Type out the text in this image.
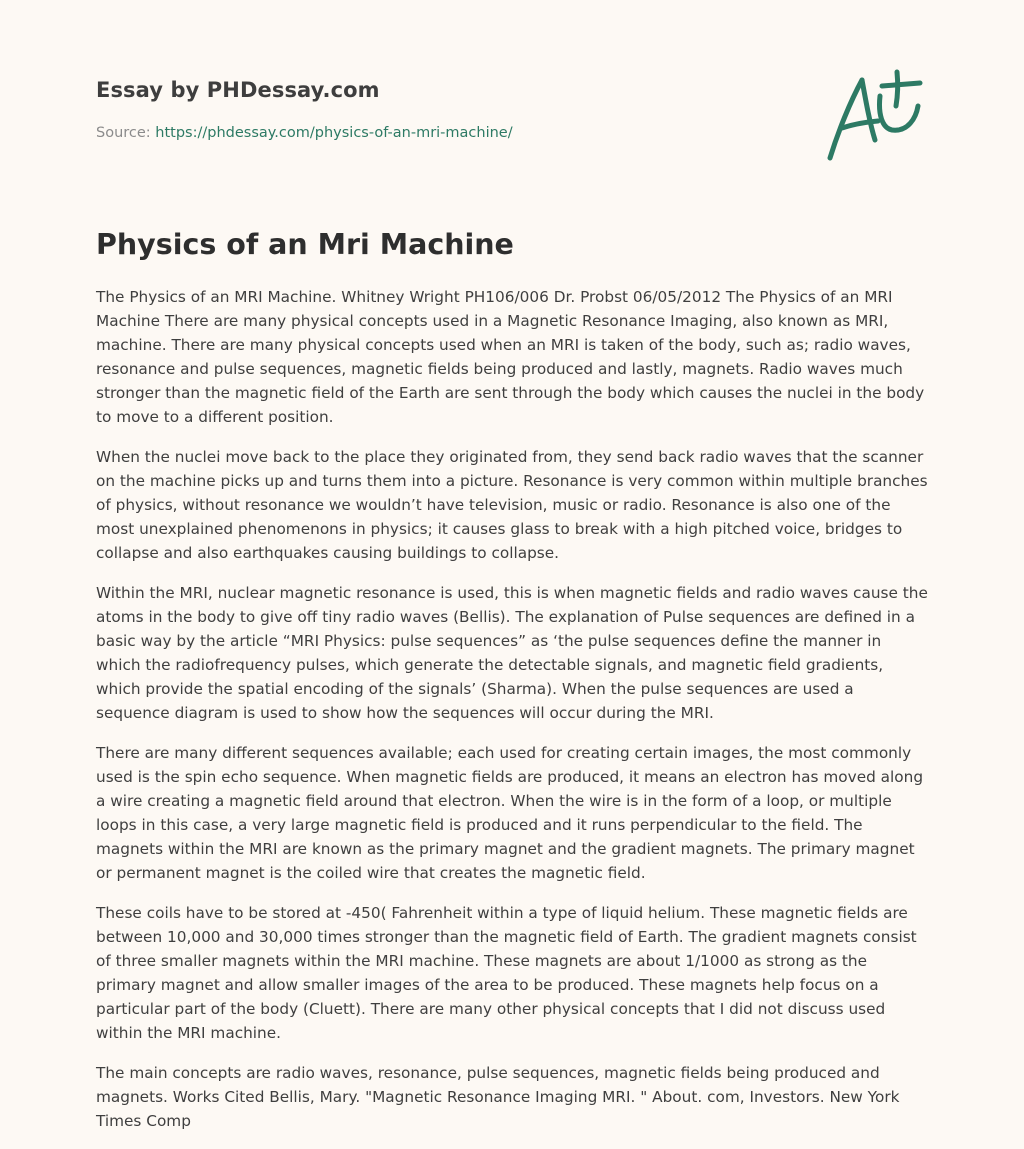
Essay by PHDessay.com
Source: https://phdessay.com/physics-of-an-mri-machine/
Physics of an Mri Machine

The Physics of an MRI Machine. Whitney Wright PH106/006 Dr. Probst 06/05/2012 The Physics of an MRI Machine There are many physical concepts used in a Magnetic Resonance Imaging, also known as MRI, machine. There are many physical concepts used when an MRI is taken of the body, such as; radio waves, resonance and pulse sequences, magnetic fields being produced and lastly, magnets. Radio waves much stronger than the magnetic field of the Earth are sent through the body which causes the nuclei in the body to move to a different position.

When the nuclei move back to the place they originated from, they send back radio waves that the scanner on the machine picks up and turns them into a picture. Resonance is very common within multiple branches of physics, without resonance we wouldn’t have television, music or radio. Resonance is also one of the most unexplained phenomenons in physics; it causes glass to break with a high pitched voice, bridges to collapse and also earthquakes causing buildings to collapse.

Within the MRI, nuclear magnetic resonance is used, this is when magnetic fields and radio waves cause the atoms in the body to give off tiny radio waves (Bellis). The explanation of Pulse sequences are defined in a basic way by the article “MRI Physics: pulse sequences” as ‘the pulse sequences define the manner in which the radiofrequency pulses, which generate the detectable signals, and magnetic field gradients, which provide the spatial encoding of the signals’ (Sharma). When the pulse sequences are used a sequence diagram is used to show how the sequences will occur during the MRI.

There are many different sequences available; each used for creating certain images, the most commonly used is the spin echo sequence. When magnetic fields are produced, it means an electron has moved along a wire creating a magnetic field around that electron. When the wire is in the form of a loop, or multiple loops in this case, a very large magnetic field is produced and it runs perpendicular to the field. The magnets within the MRI are known as the primary magnet and the gradient magnets. The primary magnet or permanent magnet is the coiled wire that creates the magnetic field.

These coils have to be stored at -450( Fahrenheit within a type of liquid helium. These magnetic fields are between 10,000 and 30,000 times stronger than the magnetic field of Earth. The gradient magnets consist of three smaller magnets within the MRI machine. These magnets are about 1/1000 as strong as the primary magnet and allow smaller images of the area to be produced. These magnets help focus on a particular part of the body (Cluett). There are many other physical concepts that I did not discuss used within the MRI machine.

The main concepts are radio waves, resonance, pulse sequences, magnetic fields being produced and magnets. Works Cited Bellis, Mary. "Magnetic Resonance Imaging MRI. " About. com, Investors. New York Times Comp
